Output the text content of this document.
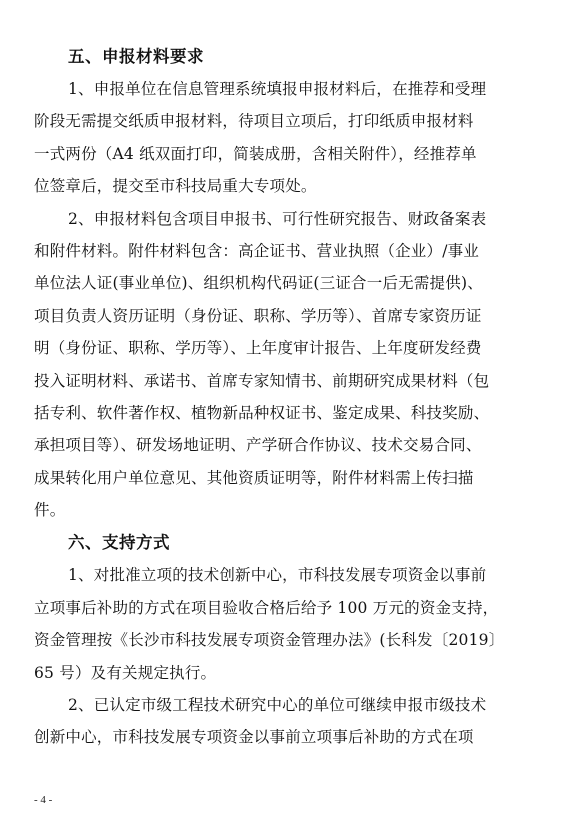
五、申报材料要求
1、申报单位在信息管理系统填报申报材料后，在推荐和受理
阶段无需提交纸质申报材料，待项目立项后，打印纸质申报材料
一式两份（A4 纸双面打印，简装成册，含相关附件），经推荐单
位签章后，提交至市科技局重大专项处。
2、申报材料包含项目申报书、可行性研究报告、财政备案表
和附件材料。附件材料包含：高企证书、营业执照（企业）/事业
单位法人证(事业单位)、组织机构代码证(三证合一后无需提供)、
项目负责人资历证明（身份证、职称、学历等）、首席专家资历证
明（身份证、职称、学历等）、上年度审计报告、上年度研发经费
投入证明材料、承诺书、首席专家知情书、前期研究成果材料（包
括专利、软件著作权、植物新品种权证书、鉴定成果、科技奖励、
承担项目等）、研发场地证明、产学研合作协议、技术交易合同、
成果转化用户单位意见、其他资质证明等，附件材料需上传扫描
件。
六、支持方式
1、对批准立项的技术创新中心，市科技发展专项资金以事前
立项事后补助的方式在项目验收合格后给予 100 万元的资金支持，
资金管理按《长沙市科技发展专项资金管理办法》(长科发〔2019〕
65 号）及有关规定执行。
2、已认定市级工程技术研究中心的单位可继续申报市级技术
创新中心，市科技发展专项资金以事前立项事后补助的方式在项
- 4 -
